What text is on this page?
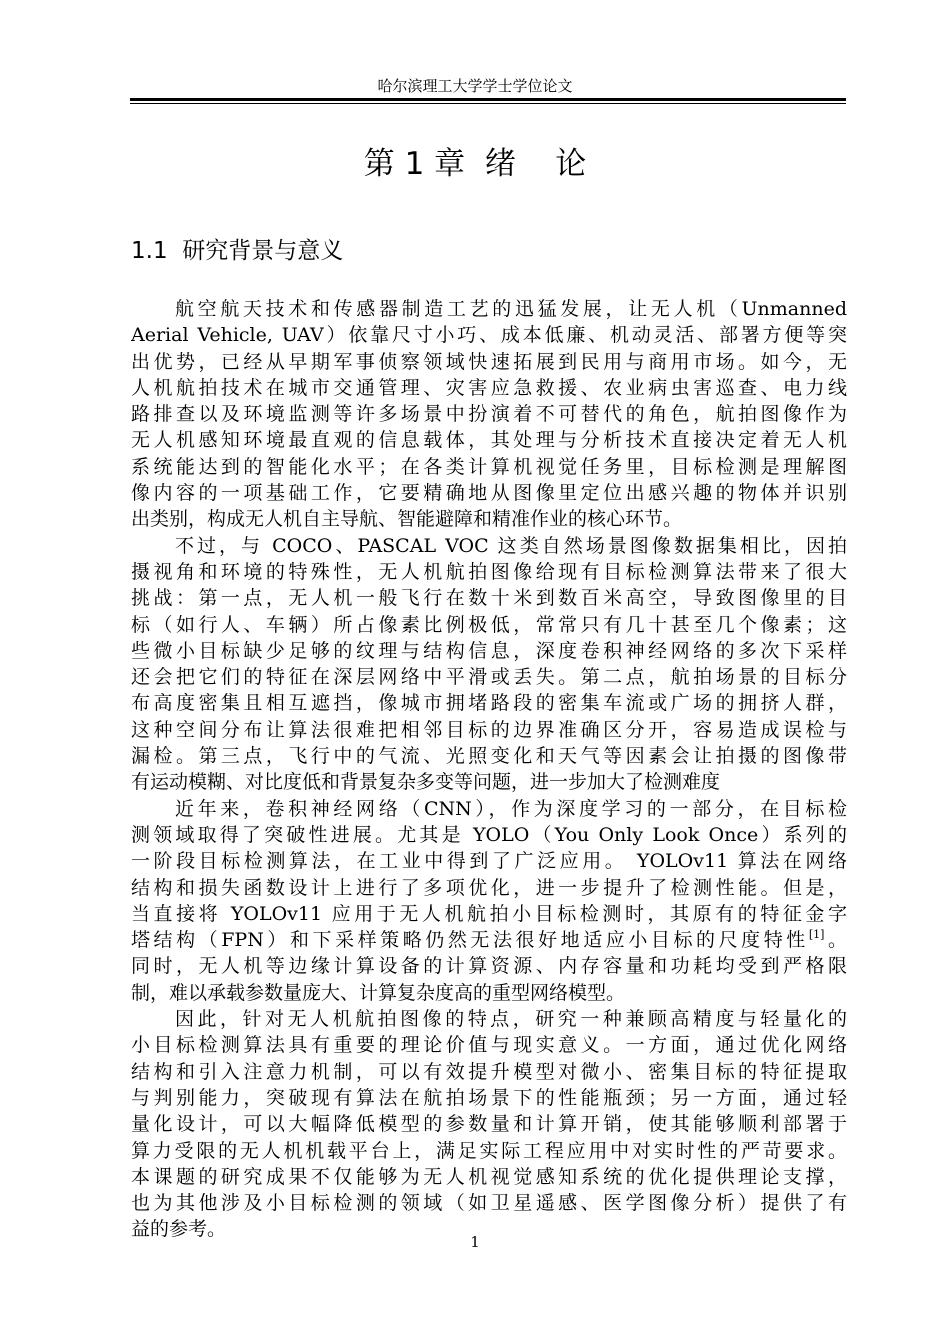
哈尔滨理工大学学士学位论文
第 1 章  绪    论
1.1  研究背景与意义
航空航天技术和传感器制造工艺的迅猛发展，让无人机（Unmanned
Aerial Vehicle, UAV）依靠尺寸小巧、成本低廉、机动灵活、部署方便等突
出优势，已经从早期军事侦察领域快速拓展到民用与商用市场。如今，无
人机航拍技术在城市交通管理、灾害应急救援、农业病虫害巡查、电力线
路排查以及环境监测等许多场景中扮演着不可替代的角色，航拍图像作为
无人机感知环境最直观的信息载体，其处理与分析技术直接决定着无人机
系统能达到的智能化水平；在各类计算机视觉任务里，目标检测是理解图
像内容的一项基础工作，它要精确地从图像里定位出感兴趣的物体并识别
出类别，构成无人机自主导航、智能避障和精准作业的核心环节。
不过，与 COCO、PASCAL VOC 这类自然场景图像数据集相比，因拍
摄视角和环境的特殊性，无人机航拍图像给现有目标检测算法带来了很大
挑战：第一点，无人机一般飞行在数十米到数百米高空，导致图像里的目
标（如行人、车辆）所占像素比例极低，常常只有几十甚至几个像素；这
些微小目标缺少足够的纹理与结构信息，深度卷积神经网络的多次下采样
还会把它们的特征在深层网络中平滑或丢失。第二点，航拍场景的目标分
布高度密集且相互遮挡，像城市拥堵路段的密集车流或广场的拥挤人群，
这种空间分布让算法很难把相邻目标的边界准确区分开，容易造成误检与
漏检。第三点，飞行中的气流、光照变化和天气等因素会让拍摄的图像带
有运动模糊、对比度低和背景复杂多变等问题，进一步加大了检测难度
近年来，卷积神经网络（CNN），作为深度学习的一部分，在目标检
测领域取得了突破性进展。尤其是 YOLO（You Only Look Once）系列的
一阶段目标检测算法，在工业中得到了广泛应用。 YOLOv11 算法在网络
结构和损失函数设计上进行了多项优化，进一步提升了检测性能。但是，
当直接将 YOLOv11 应用于无人机航拍小目标检测时，其原有的特征金字
塔结构（FPN）和下采样策略仍然无法很好地适应小目标的尺度特性[1]。
同时，无人机等边缘计算设备的计算资源、内存容量和功耗均受到严格限
制，难以承载参数量庞大、计算复杂度高的重型网络模型。
因此，针对无人机航拍图像的特点，研究一种兼顾高精度与轻量化的
小目标检测算法具有重要的理论价值与现实意义。一方面，通过优化网络
结构和引入注意力机制，可以有效提升模型对微小、密集目标的特征提取
与判别能力，突破现有算法在航拍场景下的性能瓶颈；另一方面，通过轻
量化设计，可以大幅降低模型的参数量和计算开销，使其能够顺利部署于
算力受限的无人机机载平台上，满足实际工程应用中对实时性的严苛要求。
本课题的研究成果不仅能够为无人机视觉感知系统的优化提供理论支撑，
也为其他涉及小目标检测的领域（如卫星遥感、医学图像分析）提供了有
益的参考。
1
